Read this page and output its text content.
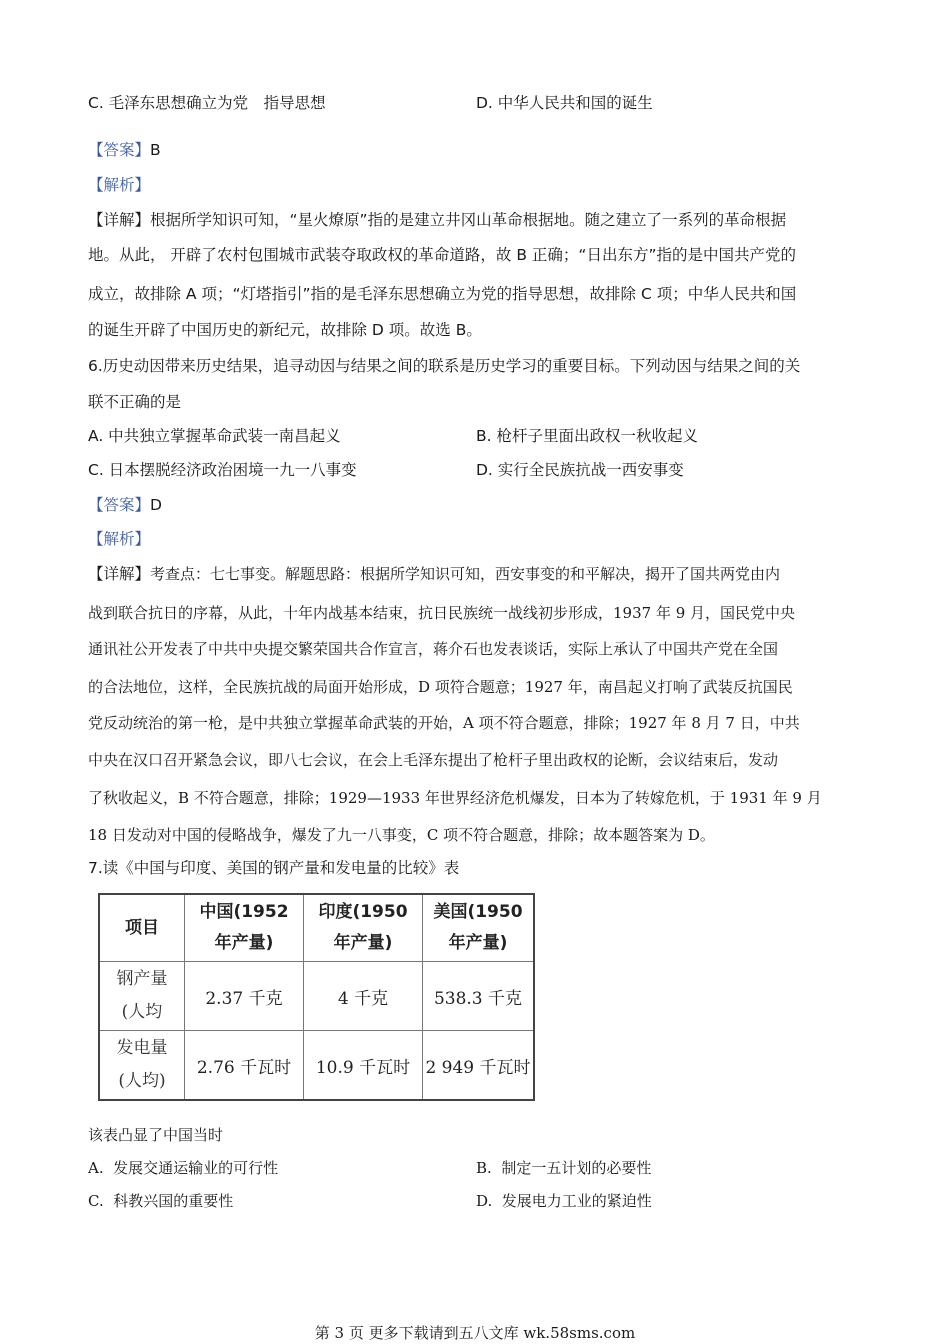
C. 毛泽东思想确立为党　指导思想	D. 中华人民共和国的诞生
【答案】B
【解析】
【详解】根据所学知识可知，“星火燎原”指的是建立井冈山革命根据地。随之建立了一系列的革命根据
地。从此， 开辟了农村包围城市武装夺取政权的革命道路，故 B 正确；“日出东方”指的是中国共产党的
成立，故排除 A 项；“灯塔指引”指的是毛泽东思想确立为党的指导思想，故排除 C 项；中华人民共和国
的诞生开辟了中国历史的新纪元，故排除 D 项。故选 B。
6.历史动因带来历史结果，追寻动因与结果之间的联系是历史学习的重要目标。下列动因与结果之间的关
联不正确的是
A. 中共独立掌握革命武装一南昌起义	B. 枪杆子里面出政权一秋收起义
C. 日本摆脱经济政治困境一九一八事变	D. 实行全民族抗战一西安事变
【答案】D
【解析】
【详解】考查点：七七事变。解题思路：根据所学知识可知，西安事变的和平解决，揭开了国共两党由内
战到联合抗日的序幕，从此，十年内战基本结束，抗日民族统一战线初步形成，1937 年 9 月，国民党中央
通讯社公开发表了中共中央提交繁荣国共合作宣言，蒋介石也发表谈话，实际上承认了中国共产党在全国
的合法地位，这样，全民族抗战的局面开始形成，D 项符合题意；1927 年，南昌起义打响了武装反抗国民
党反动统治的第一枪，是中共独立掌握革命武装的开始，A 项不符合题意，排除；1927 年 8 月 7 日，中共
中央在汉口召开紧急会议，即八七会议，在会上毛泽东提出了枪杆子里出政权的论断，会议结束后，发动
了秋收起义，B 不符合题意，排除；1929—1933 年世界经济危机爆发，日本为了转嫁危机，于 1931 年 9 月
18 日发动对中国的侵略战争，爆发了九一八事变，C 项不符合题意，排除；故本题答案为 D。
7.读《中国与印度、美国的钢产量和发电量的比较》表
项目	中国(1952
年产量)	印度(1950
年产量)	美国(1950
年产量)
钢产量
(人均	2.37 千克	4 千克	538.3 千克
发电量
(人均)	2.76 千瓦时	10.9 千瓦时	2 949 千瓦时
该表凸显了中国当时
A.  发展交通运输业的可行性	B.  制定一五计划的必要性
C.  科教兴国的重要性	D.  发展电力工业的紧迫性
第 3 页 更多下载请到五八文库 wk.58sms.com
